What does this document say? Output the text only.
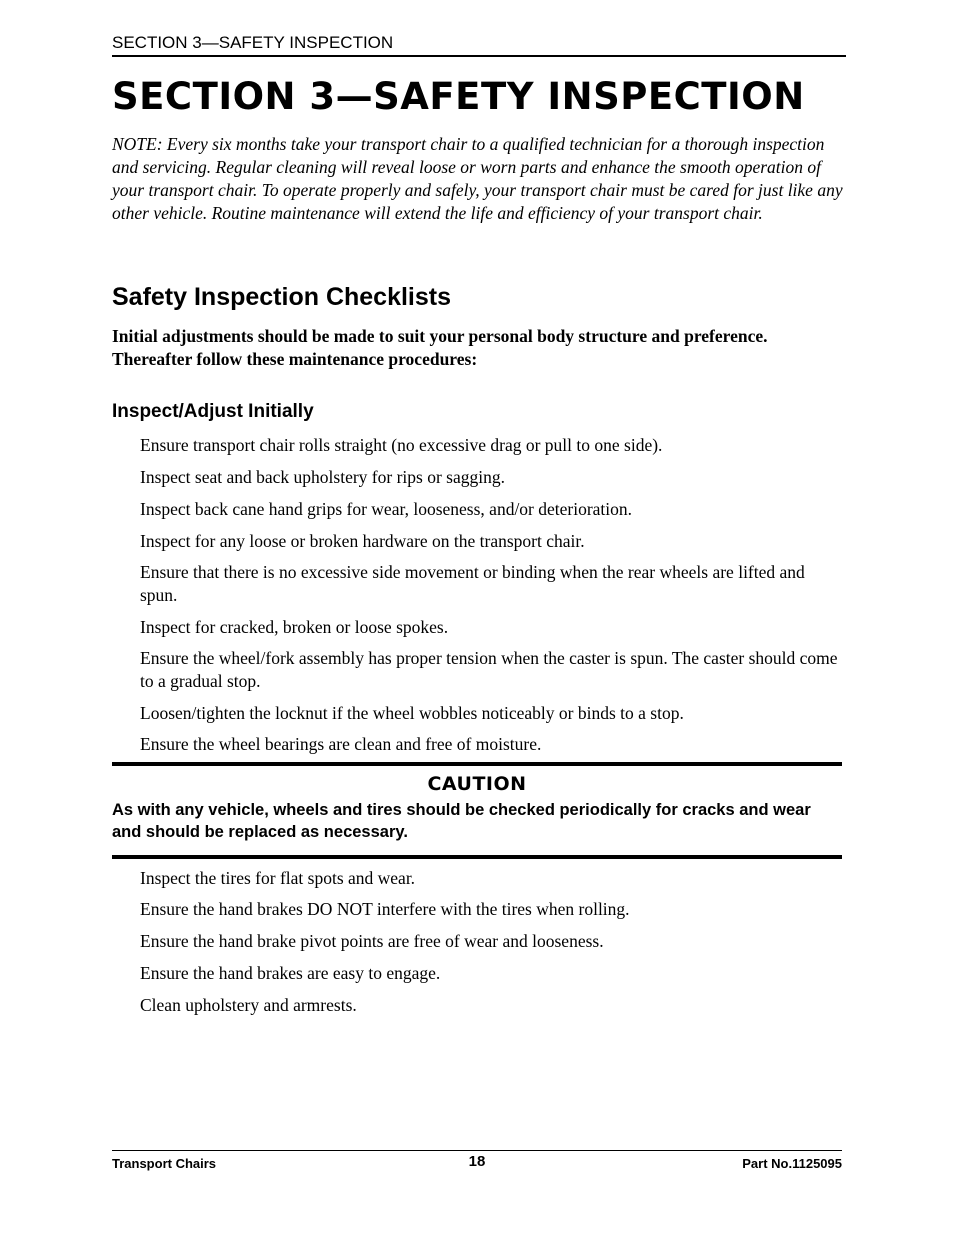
SECTION 3—SAFETY INSPECTION
SECTION 3—SAFETY INSPECTION

NOTE: Every six months take your transport chair to a qualified technician for a thorough inspection and servicing. Regular cleaning will reveal loose or worn parts and enhance the smooth operation of your transport chair. To operate properly and safely, your transport chair must be cared for just like any other vehicle. Routine maintenance will extend the life and efficiency of your transport chair.

Safety Inspection Checklists

Initial adjustments should be made to suit your personal body structure and preference. Thereafter follow these maintenance procedures:

Inspect/Adjust Initially

Ensure transport chair rolls straight (no excessive drag or pull to one side).

Inspect seat and back upholstery for rips or sagging.

Inspect back cane hand grips for wear, looseness, and/or deterioration.

Inspect for any loose or broken hardware on the transport chair.

Ensure that there is no excessive side movement or binding when the rear wheels are lifted and spun.

Inspect for cracked, broken or loose spokes.

Ensure the wheel/fork assembly has proper tension when the caster is spun. The caster should come to a gradual stop.

Loosen/tighten the locknut if the wheel wobbles noticeably or binds to a stop.

Ensure the wheel bearings are clean and free of moisture.

CAUTION

As with any vehicle, wheels and tires should be checked periodically for cracks and wear and should be replaced as necessary.

Inspect the tires for flat spots and wear.

Ensure the hand brakes DO NOT interfere with the tires when rolling.

Ensure the hand brake pivot points are free of wear and looseness.

Ensure the hand brakes are easy to engage.

Clean upholstery and armrests.

Transport Chairs	18	Part No.1125095
